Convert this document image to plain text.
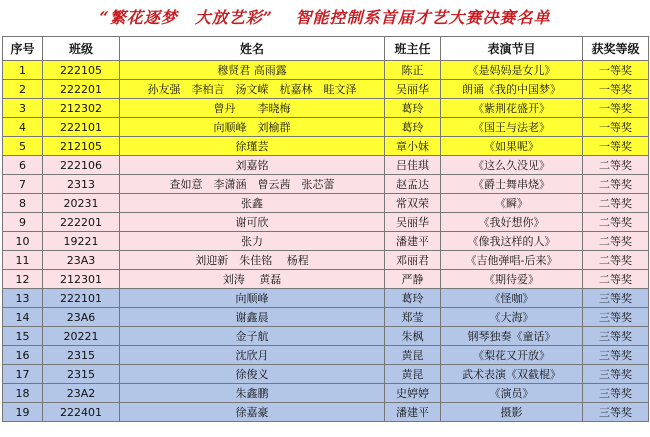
“繁花逐梦　大放艺彩” 智能控制系首届才艺大赛决赛名单
序号	班级	姓名	班主任	表演节目	获奖等级
1	222105	穆贤君 高雨露	陈正	《是妈妈是女儿》	一等奖
2	222201	孙友强　李柏言　汤文嵘　杭嘉林　畦文泽	吴丽华	朗诵《我的中国梦》	一等奖
3	212302	曾丹　　李晓梅	葛玲	《紫荆花盛开》	一等奖
4	222101	向顺峰　刘榆群	葛玲	《国王与法老》	一等奖
5	212105	徐瑾芸	章小妹	《如果呢》	一等奖
6	222106	刘嘉铭	吕佳琪	《这么久没见》	二等奖
7	2313	查如意　李潇涵　曾云茜　张芯蕾	赵孟达	《爵士舞串烧》	二等奖
8	20231	张鑫	常双荣	《瞬》	二等奖
9	222201	谢可欣	吴丽华	《我好想你》	二等奖
10	19221	张力	潘建平	《像我这样的人》	二等奖
11	23A3	刘迎新　朱佳铭　 杨程	邓丽君	《吉他弹唱-后来》	二等奖
12	212301	刘涛　 黄磊	严静	《期待爱》	二等奖
13	222101	向顺峰	葛玲	《怪咖》	三等奖
14	23A6	谢鑫晨	郑莹	《大海》	三等奖
15	20221	金子航	朱枫	钢琴独奏《童话》	三等奖
16	2315	沈欣月	黄昆	《梨花又开放》	三等奖
17	2315	徐俊义	黄昆	武术表演《双截棍》	三等奖
18	23A2	朱鑫鹏	史婷婷	《演员》	三等奖
19	222401	徐嘉豪	潘建平	摄影	三等奖
